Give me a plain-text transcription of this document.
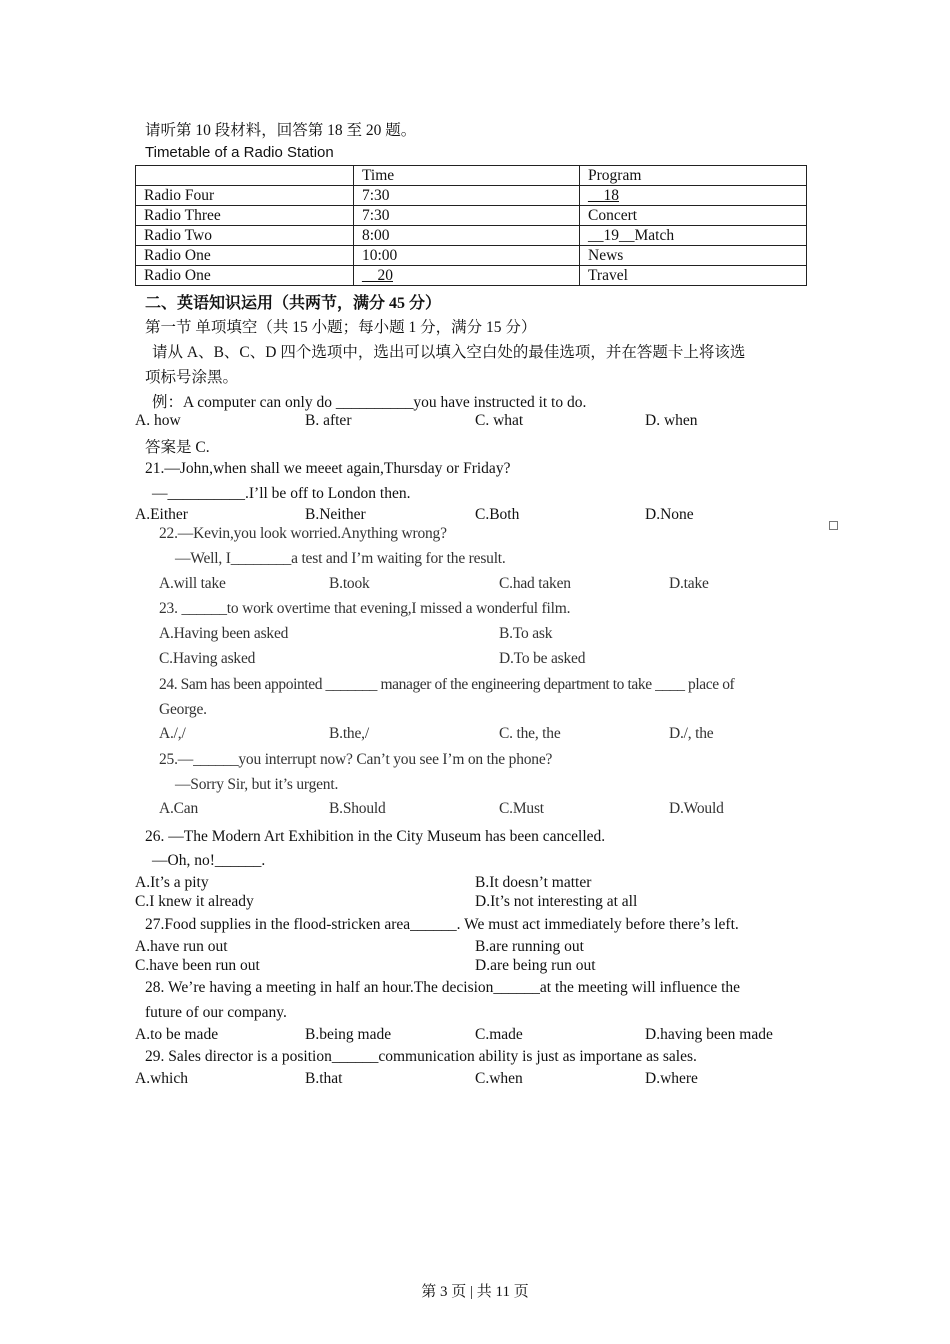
请听第 10 段材料，回答第 18 至 20 题。
Timetable of a Radio Station
	Time	Program
Radio Four	7:30	__18
Radio Three	7:30	Concert
Radio Two	8:00	__19__Match
Radio One	10:00	News
Radio One	__20	Travel
二、英语知识运用（共两节，满分 45 分）
第一节 单项填空（共 15 小题；每小题 1 分，满分 15 分）
请从 A、B、C、D 四个选项中，选出可以填入空白处的最佳选项，并在答题卡上将该选
项标号涂黑。
例：A computer can only do __________you have instructed it to do.
A. how	B. after	C. what	D. when
答案是 C.
21.—John,when shall we meeet again,Thursday or Friday?
—__________.I’ll be off to London then.
A.Either	B.Neither	C.Both	D.None
22.—Kevin,you look worried.Anything wrong?
—Well, I________a test and I’m waiting for the result.
A.will take	B.took	C.had taken	D.take
23. ______to work overtime that evening,I missed a wonderful film.
A.Having been asked	B.To ask
C.Having asked	D.To be asked
24. Sam has been appointed _______ manager of the engineering department to take ____ place of
George.
A./,/	B.the,/	C. the, the	D./, the
25.—______you interrupt now? Can’t you see I’m on the phone?
—Sorry Sir, but it’s urgent.
A.Can	B.Should	C.Must	D.Would
26. —The Modern Art Exhibition in the City Museum has been cancelled.
—Oh, no!______.
A.It’s a pity	B.It doesn’t matter
C.I knew it already	D.It’s not interesting at all
27.Food supplies in the flood-stricken area______. We must act immediately before there’s left.
A.have run out	B.are running out
C.have been run out	D.are being run out
28. We’re having a meeting in half an hour.The decision______at the meeting will influence the
future of our company.
A.to be made	B.being made	C.made	D.having been made
29. Sales director is a position______communication ability is just as importane as sales.
A.which	B.that	C.when	D.where
第 3 页 | 共 11 页
